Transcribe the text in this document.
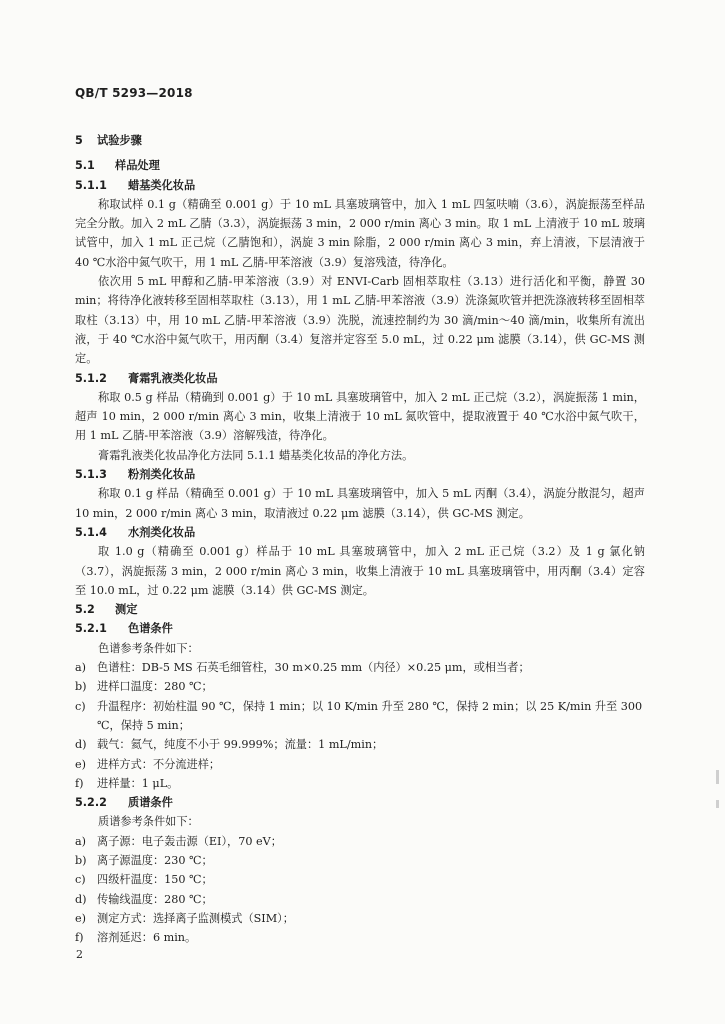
QB/T 5293—2018
5 试验步骤
5.1 样品处理
5.1.1 蜡基类化妆品
称取试样 0.1 g（精确至 0.001 g）于 10 mL 具塞玻璃管中，加入 1 mL 四氢呋喃（3.6），涡旋振荡至样品完全分散。加入 2 mL 乙腈（3.3），涡旋振荡 3 min，2 000 r/min 离心 3 min。取 1 mL 上清液于 10 mL 玻璃试管中，加入 1 mL 正己烷（乙腈饱和），涡旋 3 min 除脂，2 000 r/min 离心 3 min，弃上清液，下层清液于 40 ℃水浴中氮气吹干，用 1 mL 乙腈-甲苯溶液（3.9）复溶残渣，待净化。
依次用 5 mL 甲醇和乙腈-甲苯溶液（3.9）对 ENVI-Carb 固相萃取柱（3.13）进行活化和平衡，静置 30 min；将待净化液转移至固相萃取柱（3.13），用 1 mL 乙腈-甲苯溶液（3.9）洗涤氮吹管并把洗涤液转移至固相萃取柱（3.13）中，用 10 mL 乙腈-甲苯溶液（3.9）洗脱，流速控制约为 30 滴/min～40 滴/min，收集所有流出液，于 40 ℃水浴中氮气吹干，用丙酮（3.4）复溶并定容至 5.0 mL，过 0.22 μm 滤膜（3.14），供 GC-MS 测定。
5.1.2 膏霜乳液类化妆品
称取 0.5 g 样品（精确到 0.001 g）于 10 mL 具塞玻璃管中，加入 2 mL 正己烷（3.2），涡旋振荡 1 min，超声 10 min，2 000 r/min 离心 3 min，收集上清液于 10 mL 氮吹管中，提取液置于 40 ℃水浴中氮气吹干，用 1 mL 乙腈-甲苯溶液（3.9）溶解残渣，待净化。
膏霜乳液类化妆品净化方法同 5.1.1 蜡基类化妆品的净化方法。
5.1.3 粉剂类化妆品
称取 0.1 g 样品（精确至 0.001 g）于 10 mL 具塞玻璃管中，加入 5 mL 丙酮（3.4），涡旋分散混匀，超声 10 min，2 000 r/min 离心 3 min，取清液过 0.22 μm 滤膜（3.14），供 GC-MS 测定。
5.1.4 水剂类化妆品
取 1.0 g（精确至 0.001 g）样品于 10 mL 具塞玻璃管中，加入 2 mL 正己烷（3.2）及 1 g 氯化钠（3.7），涡旋振荡 3 min，2 000 r/min 离心 3 min，收集上清液于 10 mL 具塞玻璃管中，用丙酮（3.4）定容至 10.0 mL，过 0.22 μm 滤膜（3.14）供 GC-MS 测定。
5.2 测定
5.2.1 色谱条件
色谱参考条件如下：
a) 色谱柱：DB-5 MS 石英毛细管柱，30 m×0.25 mm（内径）×0.25 μm，或相当者；
b) 进样口温度：280 ℃；
c)	升温程序：初始柱温 90 ℃，保持 1 min；以 10 K/min 升至 280 ℃，保持 2 min；以 25 K/min 升至 300 ℃，保持 5 min；
d) 载气：氦气，纯度不小于 99.999%；流量：1 mL/min；
e) 进样方式：不分流进样；
f)	进样量：1 μL。
5.2.2 质谱条件
质谱参考条件如下：
a) 离子源：电子轰击源（EI），70 eV；
b) 离子源温度：230 ℃；
c)	四级杆温度：150 ℃；
d) 传输线温度：280 ℃；
e) 测定方式：选择离子监测模式（SIM）；
f)	溶剂延迟：6 min。
2
